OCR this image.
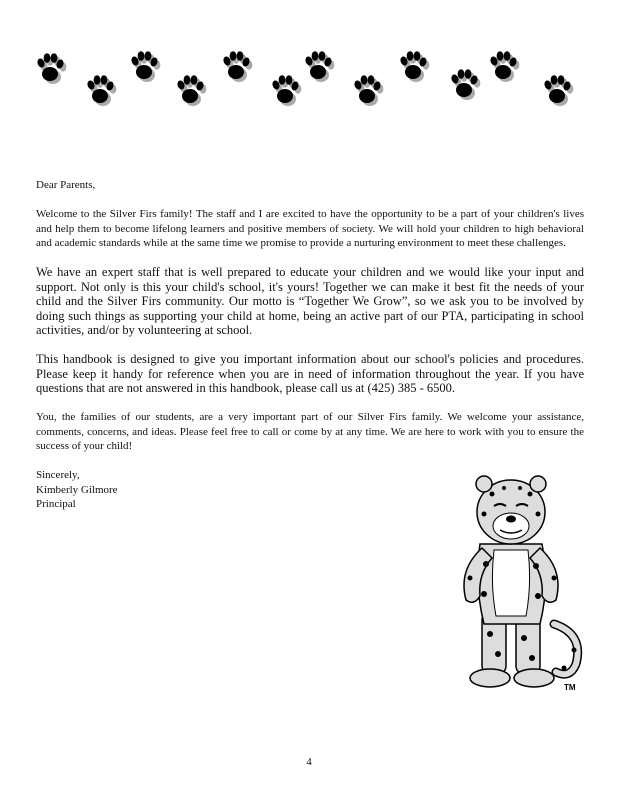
Dear Parents,

Welcome to the Silver Firs family! The staff and I are excited to have the opportunity to be a part of your children's lives and help them to become lifelong learners and positive members of society. We will hold your children to high behavioral and academic standards while at the same time we promise to provide a nurturing environment to meet these challenges.

We have an expert staff that is well prepared to educate your children and we would like your input and support. Not only is this your child's school, it's yours! Together we can make it best fit the needs of your child and the Silver Firs community. Our motto is “Together We Grow”, so we ask you to be involved by doing such things as supporting your child at home, being an active part of our PTA, participating in school activities, and/or by volunteering at school.

This handbook is designed to give you important information about our school's policies and procedures. Please keep it handy for reference when you are in need of information throughout the year. If you have questions that are not answered in this handbook, please call us at (425) 385 - 6500.

You, the families of our students, are a very important part of our Silver Firs family. We welcome your assistance, comments, concerns, and ideas. Please feel free to call or come by at any time. We are here to work with you to ensure the success of your child!

Sincerely,
Kimberly Gilmore
Principal
TM
4
